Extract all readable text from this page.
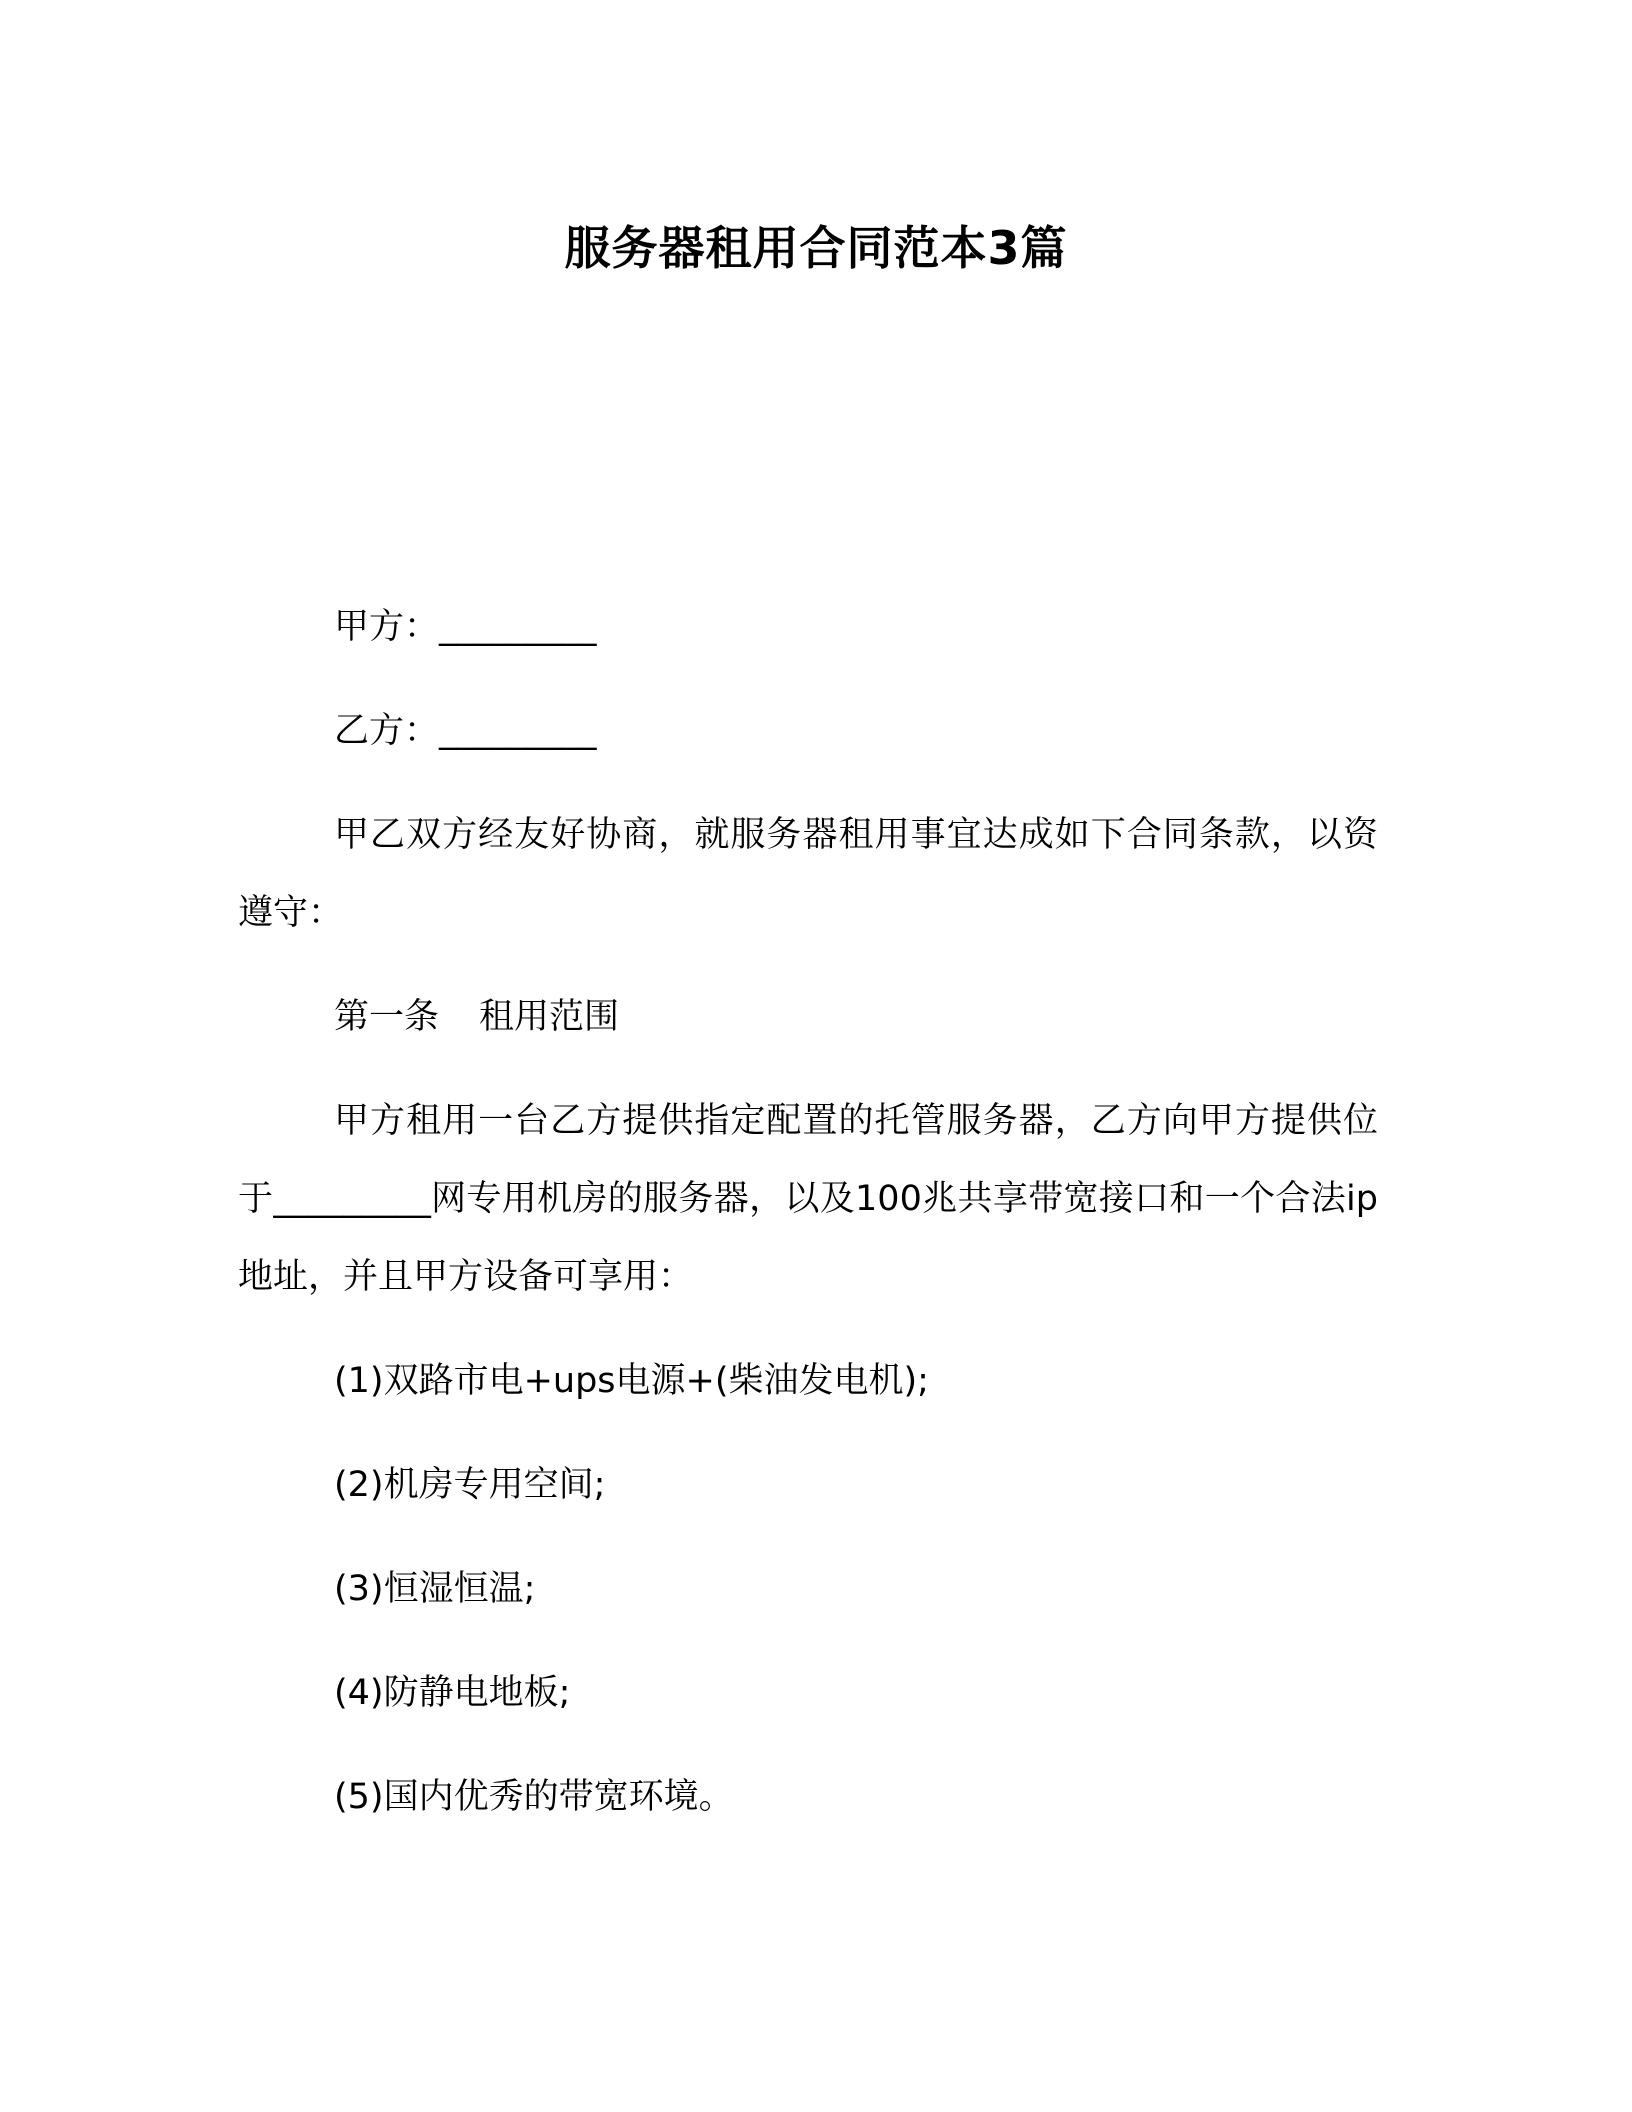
服务器租用合同范本3篇

甲方：_________

乙方：_________

甲乙双方经友好协商，就服务器租用事宜达成如下合同条款，以资遵守：

第一条 租用范围

甲方租用一台乙方提供指定配置的托管服务器，乙方向甲方提供位于_________网专用机房的服务器，以及100兆共享带宽接口和一个合法ip地址，并且甲方设备可享用：

(1)双路市电+ups电源+(柴油发电机);

(2)机房专用空间;

(3)恒湿恒温;

(4)防静电地板;

(5)国内优秀的带宽环境。
